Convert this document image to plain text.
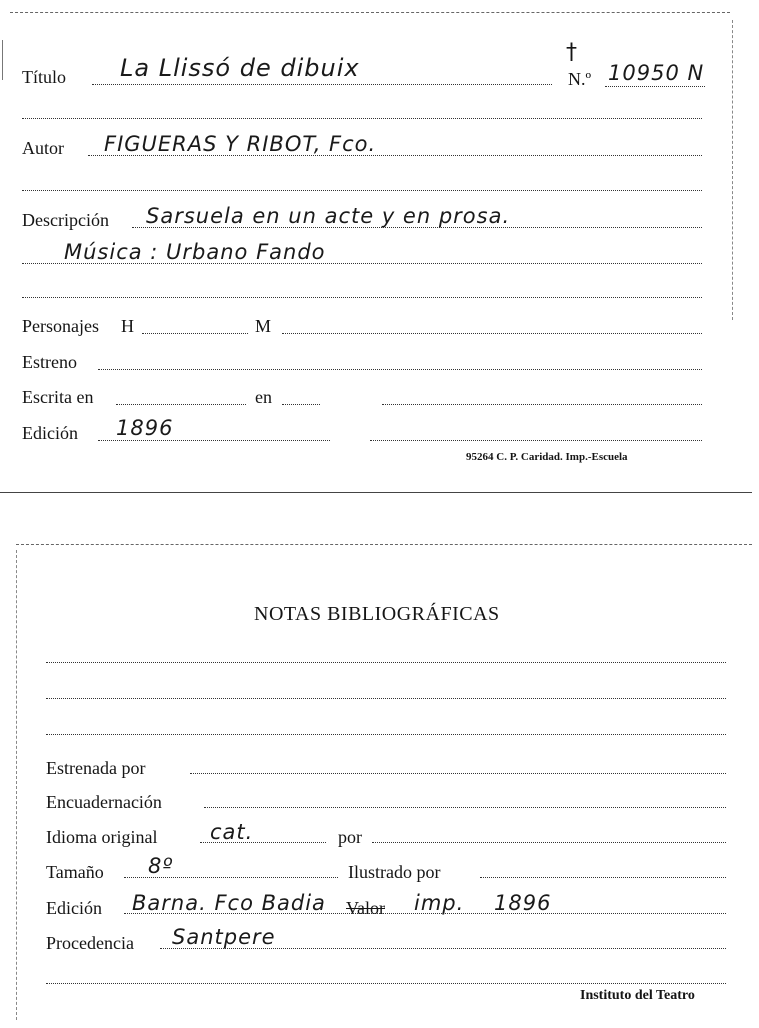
Título La Llissó de dibuix
†
N.º 10950 N
Autor FIGUERAS Y RIBOT, Fco.
Descripción Sarsuela en un acte y en prosa.
Música : Urbano Fando
Personajes H	M
Estreno
Escrita en	en
Edición 1896
95264 C. P. Caridad. Imp.-Escuela
NOTAS BIBLIOGRÁFICAS
Estrenada por
Encuadernación
Idioma original	cat.	por
Tamaño 8º	Ilustrado por
Edición Barna. Fco Badia Valor imp. 1896
Procedencia Santpere
Instituto del Teatro
